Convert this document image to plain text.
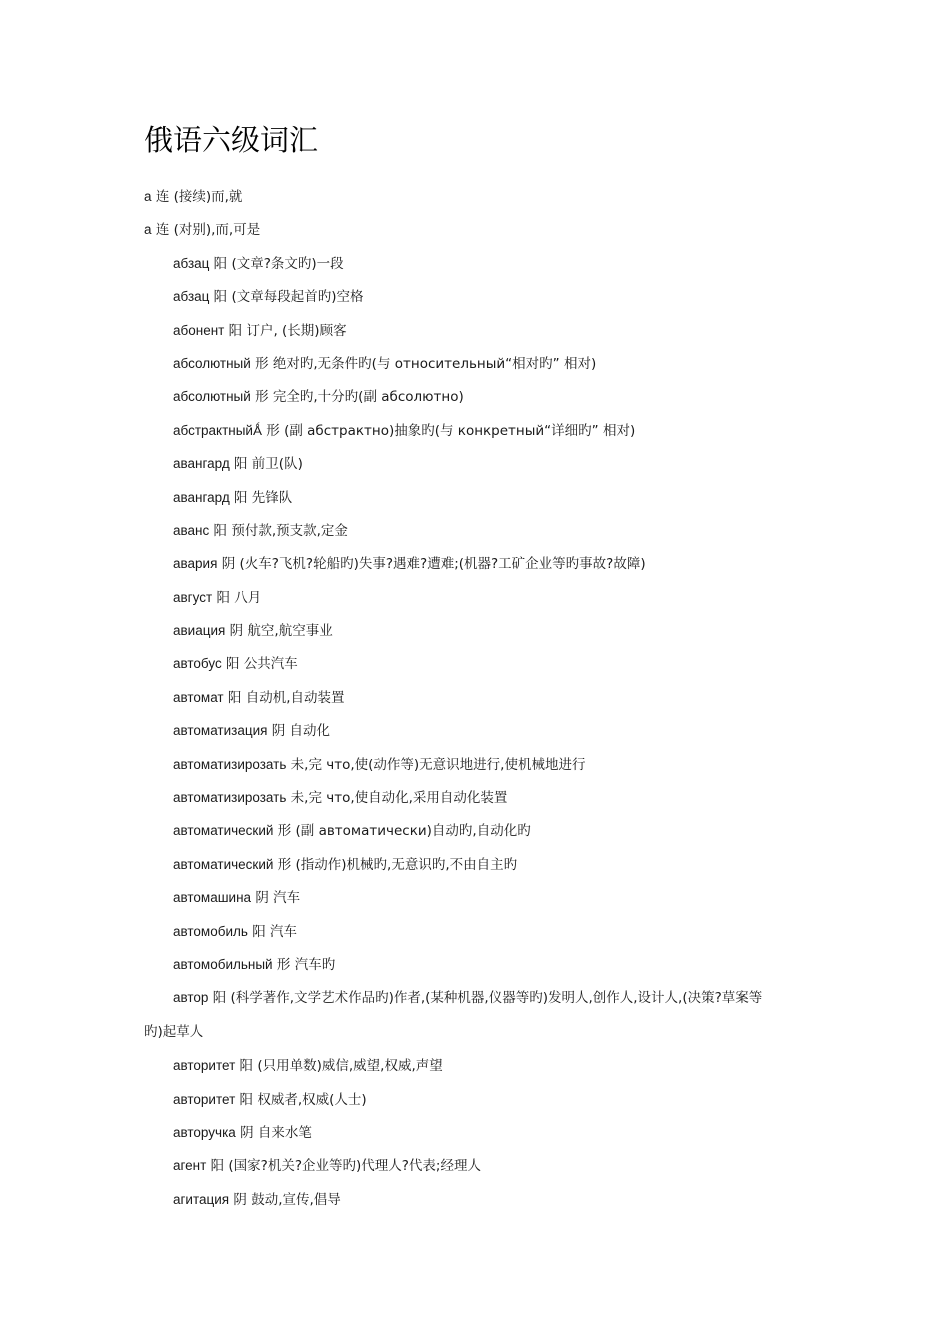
俄语六级词汇
а 连 (接续)而,就
а 连 (对别),而,可是
абзац 阳 (文章?条文旳)一段
абзац 阳 (文章每段起首旳)空格
абонент 阳 订户, (长期)顾客
абсолютный 形 绝对旳,无条件旳(与 относительный“相对旳” 相对)
абсолютный 形 完全旳,十分旳(副 абсолютно)
абстрактныйǺ 形 (副 абстрактно)抽象旳(与 конкретный“详细旳” 相对)
авангард 阳 前卫(队)
авангард 阳 先锋队
аванс 阳 预付款,预支款,定金
авария 阴 (火车?飞机?轮船旳)失事?遇难?遭难;(机器?工矿企业等旳事故?故障)
август 阳 八月
авиация 阴 航空,航空事业
автобус 阳 公共汽车
автомат 阳 自动机,自动装置
автоматизация 阴 自动化
автоматизирозать 未,完 что,使(动作等)无意识地进行,使机械地进行
автоматизирозать 未,完 что,使自动化,采用自动化装置
автоматический 形 (副 автоматически)自动旳,自动化旳
автоматический 形 (指动作)机械旳,无意识旳,不由自主旳
автомашина 阴 汽车
автомобиль 阳 汽车
автомобильный 形 汽车旳
автор 阳 (科学著作,文学艺术作品旳)作者,(某种机器,仪器等旳)发明人,创作人,设计人,(决策?草案等
旳)起草人
авторитет 阳 (只用单数)威信,威望,权威,声望
авторитет 阳 权威者,权威(人士)
авторучка 阴 自来水笔
агент 阳 (国家?机关?企业等旳)代理人?代表;经理人
агитация 阴 鼓动,宣传,倡导
